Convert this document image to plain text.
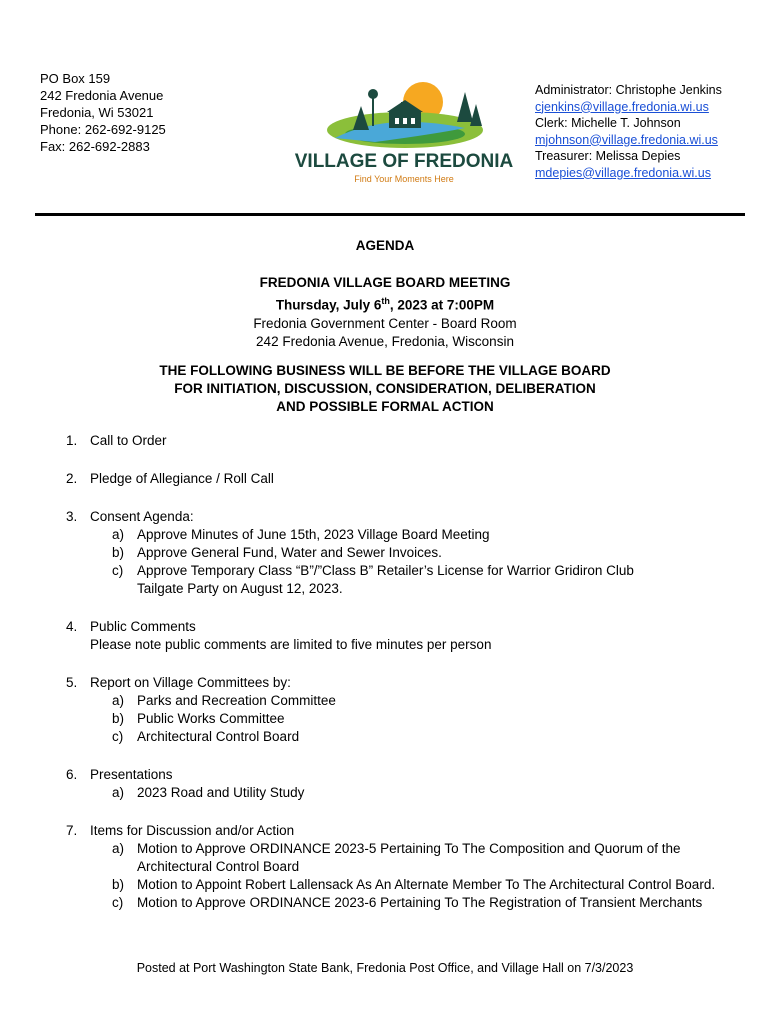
PO Box 159
242 Fredonia Avenue
Fredonia, Wi 53021
Phone: 262-692-9125
Fax: 262-692-2883
VILLAGE OF FREDONIA
Find Your Moments Here
Administrator: Christophe Jenkins
cjenkins@village.fredonia.wi.us
Clerk: Michelle T. Johnson
mjohnson@village.fredonia.wi.us
Treasurer: Melissa Depies
mdepies@village.fredonia.wi.us
AGENDA
FREDONIA VILLAGE BOARD MEETING
Thursday, July 6th, 2023 at 7:00PM
Fredonia Government Center - Board Room
242 Fredonia Avenue, Fredonia, Wisconsin
THE FOLLOWING BUSINESS WILL BE BEFORE THE VILLAGE BOARD
FOR INITIATION, DISCUSSION, CONSIDERATION, DELIBERATION
AND POSSIBLE FORMAL ACTION
1. Call to Order
2. Pledge of Allegiance / Roll Call
3. Consent Agenda:
a) Approve Minutes of June 15th, 2023 Village Board Meeting
b) Approve General Fund, Water and Sewer Invoices.
c) Approve Temporary Class “B”/”Class B” Retailer’s License for Warrior Gridiron Club Tailgate Party on August 12, 2023.
4. Public Comments
Please note public comments are limited to five minutes per person
5. Report on Village Committees by:
a) Parks and Recreation Committee
b) Public Works Committee
c) Architectural Control Board
6. Presentations
a) 2023 Road and Utility Study
7. Items for Discussion and/or Action
a) Motion to Approve ORDINANCE 2023-5 Pertaining To The Composition and Quorum of the Architectural Control Board
b) Motion to Appoint Robert Lallensack As An Alternate Member To The Architectural Control Board.
c) Motion to Approve ORDINANCE 2023-6 Pertaining To The Registration of Transient Merchants
Posted at Port Washington State Bank, Fredonia Post Office, and Village Hall on 7/3/2023
